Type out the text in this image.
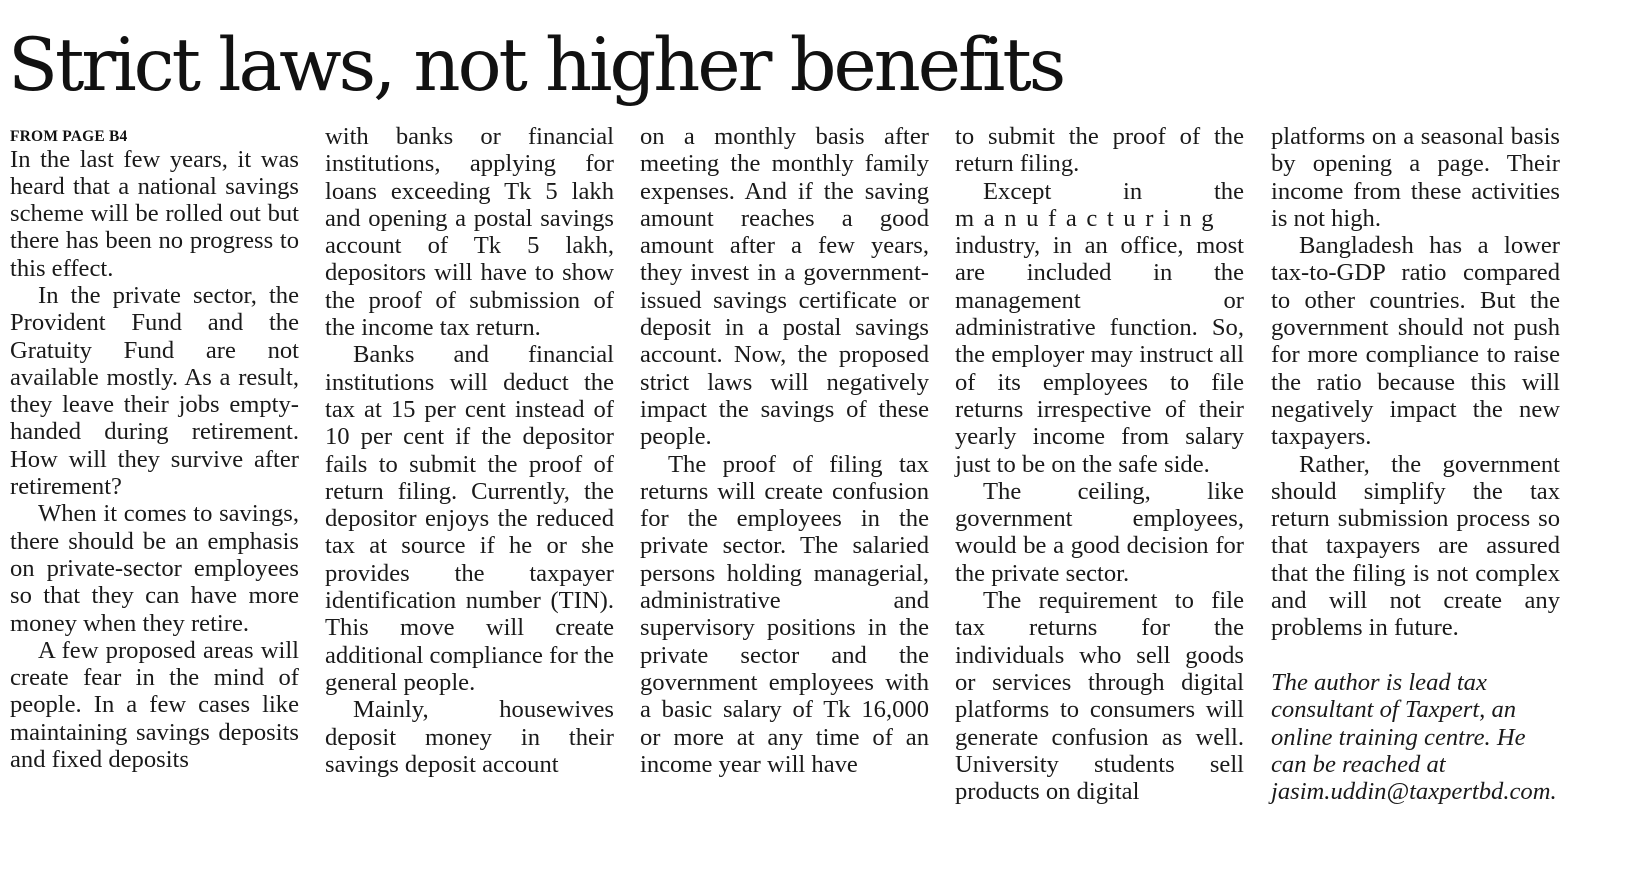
Strict laws, not higher benefits

FROM PAGE B4

In the last few years, it was heard that a national savings scheme will be rolled out but there has been no progress to this effect.

In the private sector, the Provident Fund and the Gratuity Fund are not available mostly. As a result, they leave their jobs empty-handed during retirement. How will they survive after retirement?

When it comes to savings, there should be an emphasis on private-sector employees so that they can have more money when they retire.

A few proposed areas will create fear in the mind of people. In a few cases like maintaining savings deposits and fixed deposits

with banks or financial institutions, applying for loans exceeding Tk 5 lakh and opening a postal savings account of Tk 5 lakh, depositors will have to show the proof of submission of the income tax return.

Banks and financial institutions will deduct the tax at 15 per cent instead of 10 per cent if the depositor fails to submit the proof of return filing. Currently, the depositor enjoys the reduced tax at source if he or she provides the taxpayer identification number (TIN). This move will create additional compliance for the general people.

Mainly, housewives deposit money in their savings deposit account

on a monthly basis after meeting the monthly family expenses. And if the saving amount reaches a good amount after a few years, they invest in a government-issued savings certificate or deposit in a postal savings account. Now, the proposed strict laws will negatively impact the savings of these people.

The proof of filing tax returns will create confusion for the employees in the private sector. The salaried persons holding managerial, administrative and supervisory positions in the private sector and the government employees with a basic salary of Tk 16,000 or more at any time of an income year will have

to submit the proof of the return filing.

Except in the

manufacturing

industry, in an office, most are included in the management or administrative function. So, the employer may instruct all of its employees to file returns irrespective of their yearly income from salary just to be on the safe side.

The ceiling, like government employees, would be a good decision for the private sector.

The requirement to file tax returns for the individuals who sell goods or services through digital platforms to consumers will generate confusion as well. University students sell products on digital

platforms on a seasonal basis by opening a page. Their income from these activities is not high.

Bangladesh has a lower tax-to-GDP ratio compared to other countries. But the government should not push for more compliance to raise the ratio because this will negatively impact the new taxpayers.

Rather, the government should simplify the tax return submission process so that taxpayers are assured that the filing is not complex and will not create any problems in future.

The author is lead tax consultant of Taxpert, an online training centre. He can be reached at jasim.uddin@taxpertbd.com.
